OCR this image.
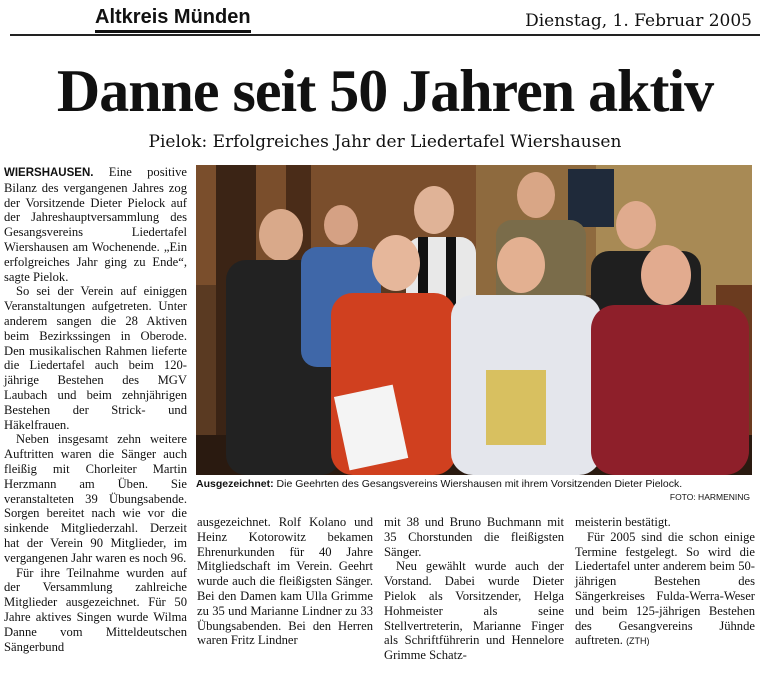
Altkreis Münden	Dienstag, 1. Februar 2005
Danne seit 50 Jahren aktiv
Pielok: Erfolgreiches Jahr der Liedertafel Wiershausen

WIERSHAUSEN. Eine positive Bilanz des vergangenen Jahres zog der Vorsitzende Dieter Pielock auf der Jahreshauptversammlung des Gesangsvereins Liedertafel Wiershausen am Wochenende. „Ein erfolgreiches Jahr ging zu Ende“, sagte Pielok.

So sei der Verein auf einiggen Veranstaltungen aufgetreten. Unter anderem sangen die 28 Aktiven beim Bezirkssingen in Oberode. Den musikalischen Rahmen lieferte die Liedertafel auch beim 120-jährige Bestehen des MGV Laubach und beim zehnjährigen Bestehen der Strick- und Häkelfrauen.

Neben insgesamt zehn weitere Auftritten waren die Sänger auch fleißig mit Chorleiter Martin Herzmann am Üben. Sie veranstalteten 39 Übungsabende. Sorgen bereitet nach wie vor die sinkende Mitgliederzahl. Derzeit hat der Verein 90 Mitglieder, im vergangenen Jahr waren es noch 96.

Für ihre Teilnahme wurden auf der Versammlung zahlreiche Mitglieder ausgezeichnet. Für 50 Jahre aktives Singen wurde Wilma Danne vom Mitteldeutschen Sängerbund

Ausgezeichnet: Die Geehrten des Gesangsvereins Wiershausen mit ihrem Vorsitzenden Dieter Pielock.
FOTO: HARMENING

ausgezeichnet. Rolf Kolano und Heinz Kotorowitz bekamen Ehrenurkunden für 40 Jahre Mitgliedschaft im Verein. Geehrt wurde auch die fleißigsten Sänger. Bei den Damen kam Ulla Grimme zu 35 und Marianne Lindner zu 33 Übungsabenden. Bei den Herren waren Fritz Lindner

mit 38 und Bruno Buchmann mit 35 Chorstunden die fleißigsten Sänger.

Neu gewählt wurde auch der Vorstand. Dabei wurde Dieter Pielok als Vorsitzender, Helga Hohmeister als seine Stellvertreterin, Marianne Finger als Schriftführerin und Hennelore Grimme Schatz-

meisterin bestätigt.

Für 2005 sind die schon einige Termine festgelegt. So wird die Liedertafel unter anderem beim 50-jährigen Bestehen des Sängerkreises Fulda-Werra-Weser und beim 125-jährigen Bestehen des Gesangvereins Jühnde auftreten. (ZTH)
